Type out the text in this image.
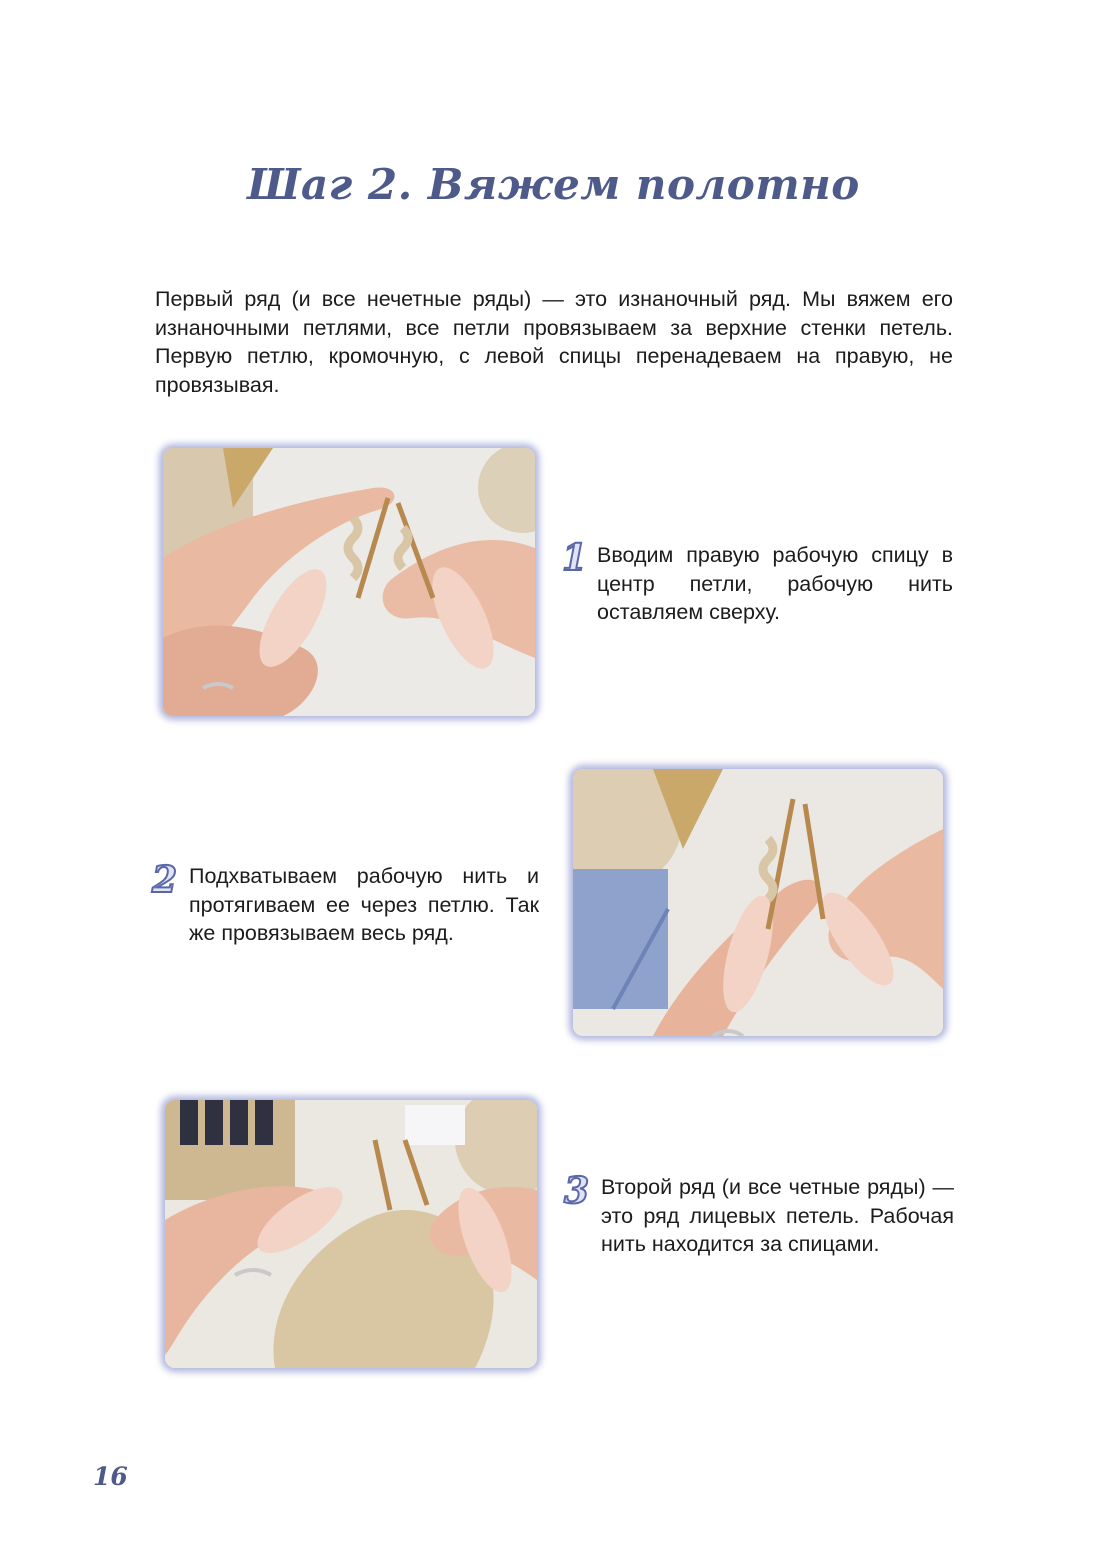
Шаг 2. Вяжем полотно
Первый ряд (и все нечетные ряды) — это изнаночный ряд. Мы вяжем его изнаночными петлями, все петли провязываем за верхние стенки петель. Первую петлю, кромочную, с левой спицы перенадеваем на правую, не провязывая.
1 Вводим правую рабочую спицу в центр петли, рабочую нить оставляем сверху.
2 Подхватываем рабочую нить и протягиваем ее через петлю. Так же провязываем весь ряд.
3 Второй ряд (и все четные ряды) — это ряд лицевых петель. Рабочая нить находится за спицами.
16
